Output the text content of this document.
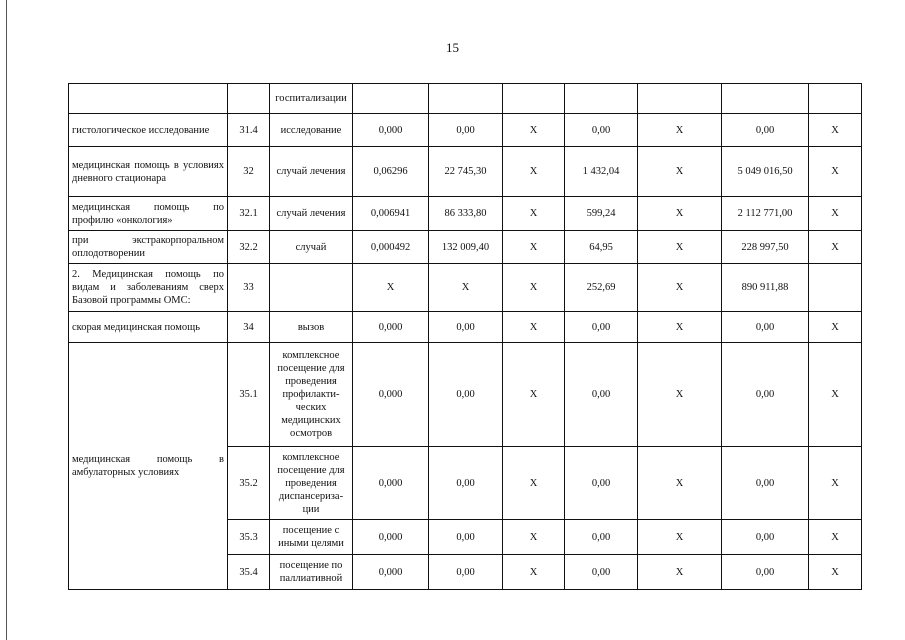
15
		госпитализации							
гистологическое исследование	31.4	исследование	0,000	0,00	X	0,00	X	0,00	X
медицинская помощь в условиях дневного стационара	32	случай лечения	0,06296	22 745,30	X	1 432,04	X	5 049 016,50	X
медицинская помощь по профилю «онкология»	32.1	случай лечения	0,006941	86 333,80	X	599,24	X	2 112 771,00	X
при экстракорпоральном оплодотворении	32.2	случай	0,000492	132 009,40	X	64,95	X	228 997,50	X
2. Медицинская помощь по видам и заболеваниям сверх Базовой программы ОМС:	33		X	X	X	252,69	X	890 911,88	
скорая медицинская помощь	34	вызов	0,000	0,00	X	0,00	X	0,00	X
медицинская помощь в амбулаторных условиях	35.1	комплексное посещение для проведения профилакти-ческих медицинских осмотров	0,000	0,00	X	0,00	X	0,00	X
	35.2	комплексное посещение для проведения диспансериза-ции	0,000	0,00	X	0,00	X	0,00	X
	35.3	посещение с иными целями	0,000	0,00	X	0,00	X	0,00	X
	35.4	посещение по паллиативной	0,000	0,00	X	0,00	X	0,00	X
